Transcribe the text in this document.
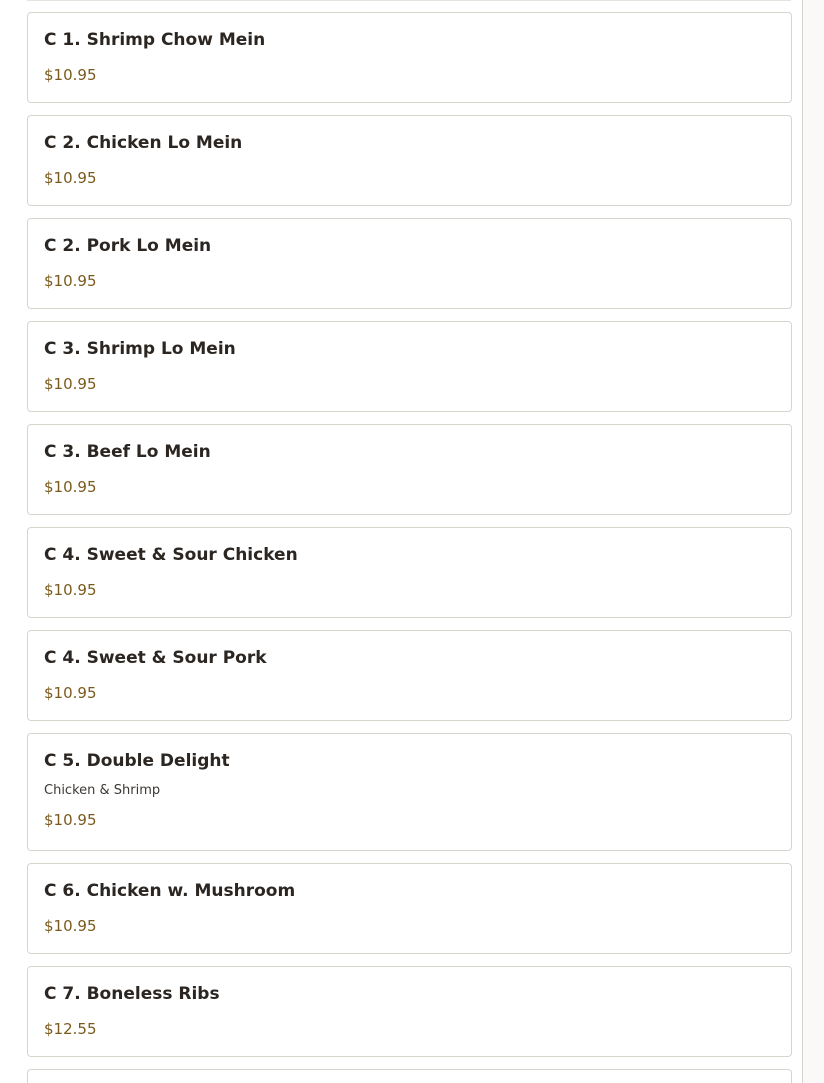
C 1. Shrimp Chow Mein
$10.95
C 2. Chicken Lo Mein
$10.95
C 2. Pork Lo Mein
$10.95
C 3. Shrimp Lo Mein
$10.95
C 3. Beef Lo Mein
$10.95
C 4. Sweet & Sour Chicken
$10.95
C 4. Sweet & Sour Pork
$10.95
C 5. Double Delight
Chicken & Shrimp
$10.95
C 6. Chicken w. Mushroom
$10.95
C 7. Boneless Ribs
$12.55
